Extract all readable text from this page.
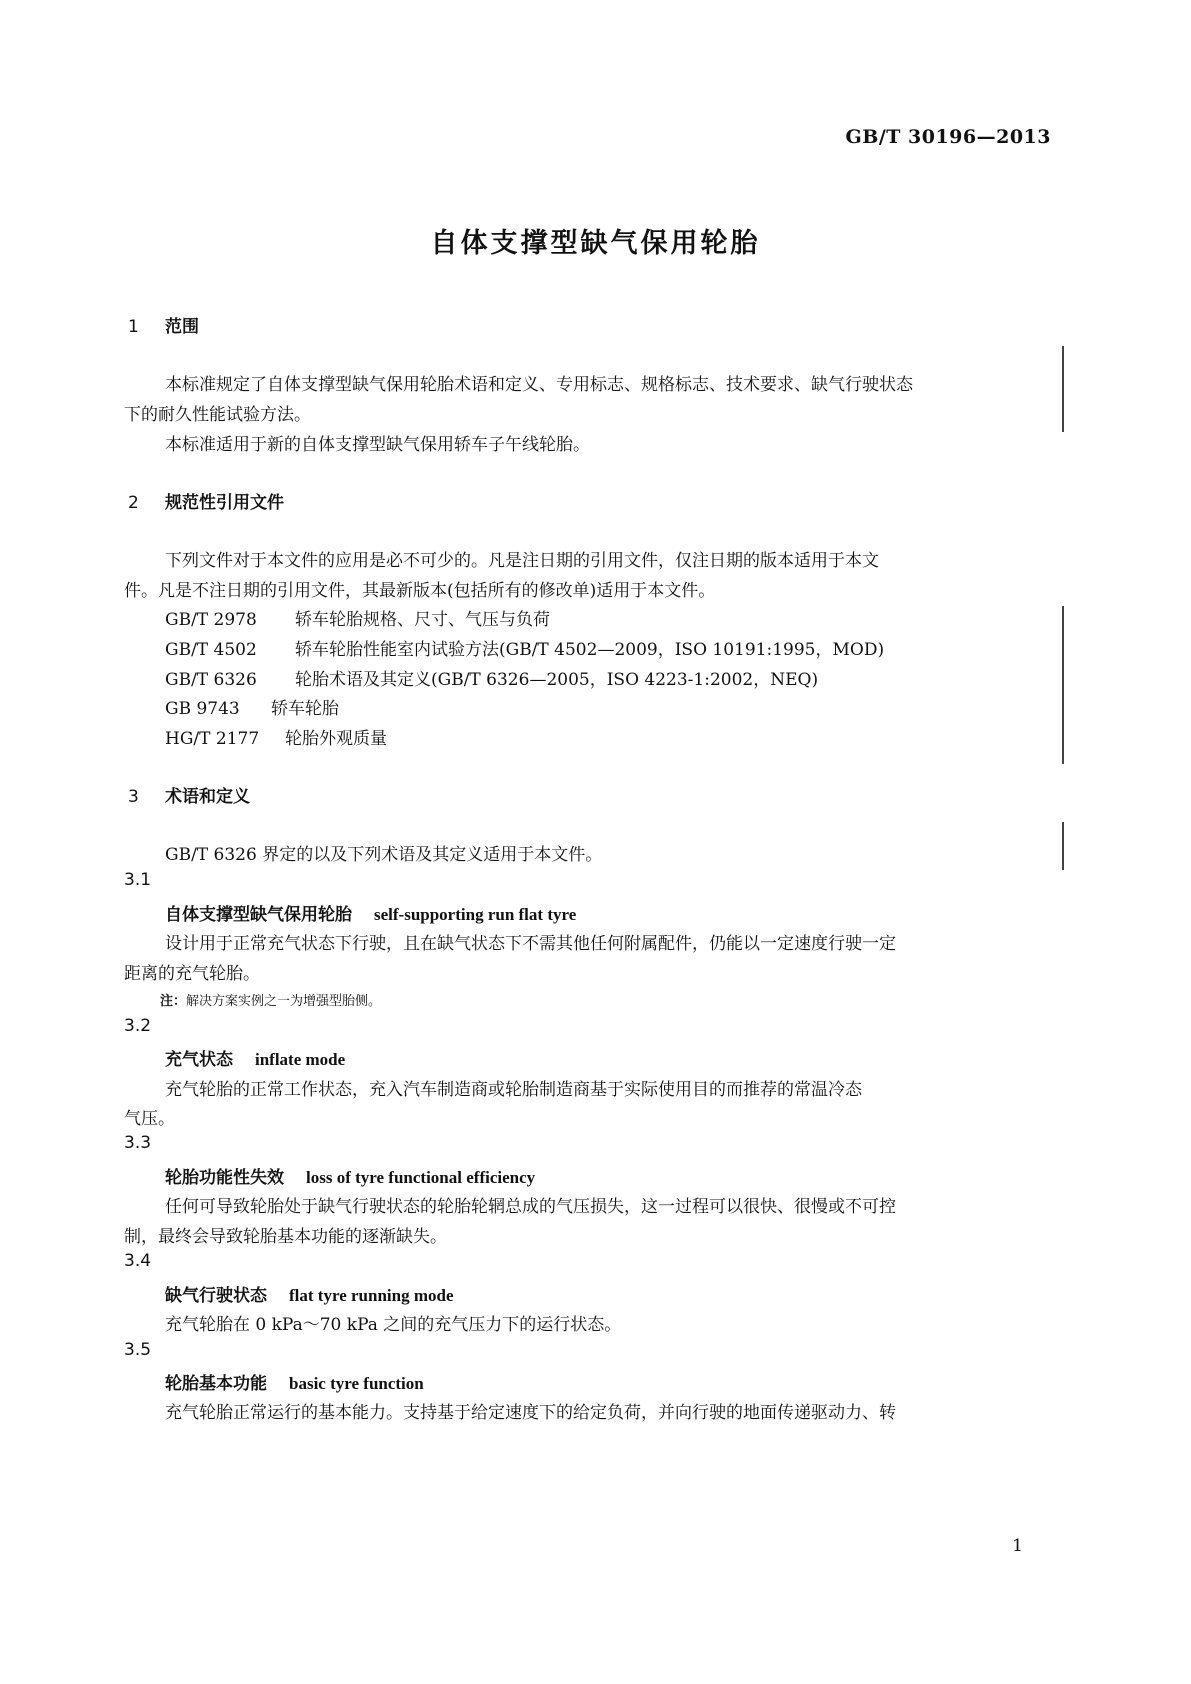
GB/T 30196—2013
自体支撑型缺气保用轮胎
1 范围
本标准规定了自体支撑型缺气保用轮胎术语和定义、专用标志、规格标志、技术要求、缺气行驶状态
下的耐久性能试验方法。
本标准适用于新的自体支撑型缺气保用轿车子午线轮胎。
2 规范性引用文件
下列文件对于本文件的应用是必不可少的。凡是注日期的引用文件，仅注日期的版本适用于本文
件。凡是不注日期的引用文件，其最新版本(包括所有的修改单)适用于本文件。
GB/T 2978 轿车轮胎规格、尺寸、气压与负荷
GB/T 4502 轿车轮胎性能室内试验方法(GB/T 4502—2009，ISO 10191:1995，MOD)
GB/T 6326 轮胎术语及其定义(GB/T 6326—2005，ISO 4223-1:2002，NEQ)
GB 9743 轿车轮胎
HG/T 2177 轮胎外观质量
3 术语和定义
GB/T 6326 界定的以及下列术语及其定义适用于本文件。
3.1
自体支撑型缺气保用轮胎 self-supporting run flat tyre
设计用于正常充气状态下行驶，且在缺气状态下不需其他任何附属配件，仍能以一定速度行驶一定
距离的充气轮胎。
注：解决方案实例之一为增强型胎侧。
3.2
充气状态 inflate mode
充气轮胎的正常工作状态，充入汽车制造商或轮胎制造商基于实际使用目的而推荐的常温冷态
气压。
3.3
轮胎功能性失效 loss of tyre functional efficiency
任何可导致轮胎处于缺气行驶状态的轮胎轮辋总成的气压损失，这一过程可以很快、很慢或不可控
制，最终会导致轮胎基本功能的逐渐缺失。
3.4
缺气行驶状态 flat tyre running mode
充气轮胎在 0 kPa～70 kPa 之间的充气压力下的运行状态。
3.5
轮胎基本功能 basic tyre function
充气轮胎正常运行的基本能力。支持基于给定速度下的给定负荷，并向行驶的地面传递驱动力、转
1
